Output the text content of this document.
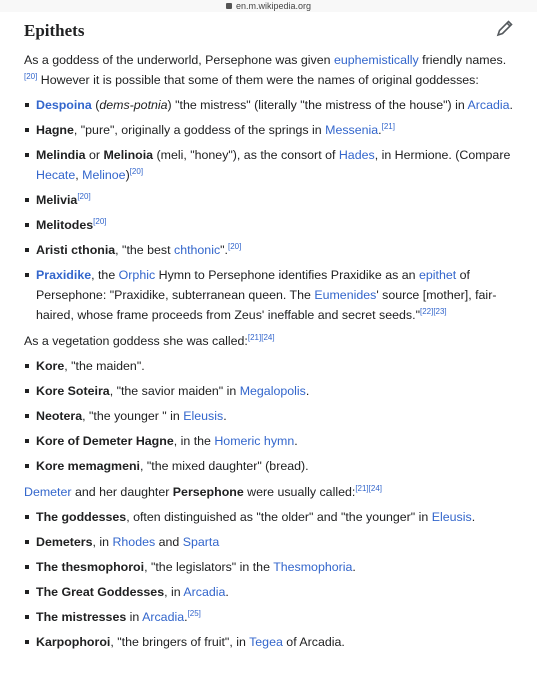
en.m.wikipedia.org
Epithets

As a goddess of the underworld, Persephone was given euphemistically friendly names.[20] However it is possible that some of them were the names of original goddesses:

Despoina (dems-potnia) "the mistress" (literally "the mistress of the house") in Arcadia.
Hagne, "pure", originally a goddess of the springs in Messenia.[21]
Melindia or Melinoia (meli, "honey"), as the consort of Hades, in Hermione. (Compare Hecate, Melinoe)[20]
Melivia[20]
Melitodes[20]
Aristi cthonia, "the best chthonic".[20]
Praxidike, the Orphic Hymn to Persephone identifies Praxidike as an epithet of Persephone: "Praxidike, subterranean queen. The Eumenides' source [mother], fair-haired, whose frame proceeds from Zeus' ineffable and secret seeds."[22][23]

As a vegetation goddess she was called:[21][24]

Kore, "the maiden".
Kore Soteira, "the savior maiden" in Megalopolis.
Neotera, "the younger " in Eleusis.
Kore of Demeter Hagne, in the Homeric hymn.
Kore memagmeni, "the mixed daughter" (bread).

Demeter and her daughter Persephone were usually called:[21][24]

The goddesses, often distinguished as "the older" and "the younger" in Eleusis.
Demeters, in Rhodes and Sparta
The thesmophoroi, "the legislators" in the Thesmophoria.
The Great Goddesses, in Arcadia.
The mistresses in Arcadia.[25]
Karpophoroi, "the bringers of fruit", in Tegea of Arcadia.
